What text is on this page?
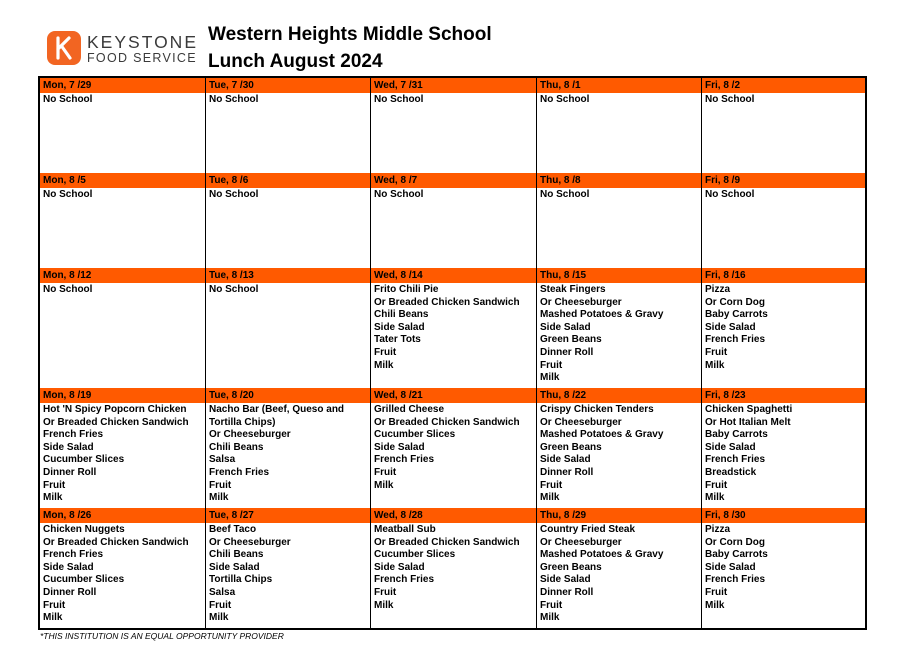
KEYSTONE
FOOD SERVICE
Western Heights Middle School
Lunch August 2024
Mon, 7 /29
No School
Tue, 7 /30
No School
Wed, 7 /31
No School
Thu, 8 /1
No School
Fri, 8 /2
No School
Mon, 8 /5
No School
Tue, 8 /6
No School
Wed, 8 /7
No School
Thu, 8 /8
No School
Fri, 8 /9
No School
Mon, 8 /12
No School
Tue, 8 /13
No School
Wed, 8 /14
Frito Chili Pie
Or Breaded Chicken Sandwich
Chili Beans
Side Salad
Tater Tots
Fruit
Milk
Thu, 8 /15
Steak Fingers
Or Cheeseburger
Mashed Potatoes & Gravy
Side Salad
Green Beans
Dinner Roll
Fruit
Milk
Fri, 8 /16
Pizza
Or Corn Dog
Baby Carrots
Side Salad
French Fries
Fruit
Milk
Mon, 8 /19
Hot 'N Spicy Popcorn Chicken
Or Breaded Chicken Sandwich
French Fries
Side Salad
Cucumber Slices
Dinner Roll
Fruit
Milk
Tue, 8 /20
Nacho Bar (Beef, Queso and Tortilla Chips)
Or Cheeseburger
Chili Beans
Salsa
French Fries
Fruit
Milk
Wed, 8 /21
Grilled Cheese
Or Breaded Chicken Sandwich
Cucumber Slices
Side Salad
French Fries
Fruit
Milk
Thu, 8 /22
Crispy Chicken Tenders
Or Cheeseburger
Mashed Potatoes & Gravy
Green Beans
Side Salad
Dinner Roll
Fruit
Milk
Fri, 8 /23
Chicken Spaghetti
Or Hot Italian Melt
Baby Carrots
Side Salad
French Fries
Breadstick
Fruit
Milk
Mon, 8 /26
Chicken Nuggets
Or Breaded Chicken Sandwich
French Fries
Side Salad
Cucumber Slices
Dinner Roll
Fruit
Milk
Tue, 8 /27
Beef Taco
Or Cheeseburger
Chili Beans
Side Salad
Tortilla Chips
Salsa
Fruit
Milk
Wed, 8 /28
Meatball Sub
Or Breaded Chicken Sandwich
Cucumber Slices
Side Salad
French Fries
Fruit
Milk
Thu, 8 /29
Country Fried Steak
Or Cheeseburger
Mashed Potatoes & Gravy
Green Beans
Side Salad
Dinner Roll
Fruit
Milk
Fri, 8 /30
Pizza
Or Corn Dog
Baby Carrots
Side Salad
French Fries
Fruit
Milk
*THIS INSTITUTION IS AN EQUAL OPPORTUNITY PROVIDER
